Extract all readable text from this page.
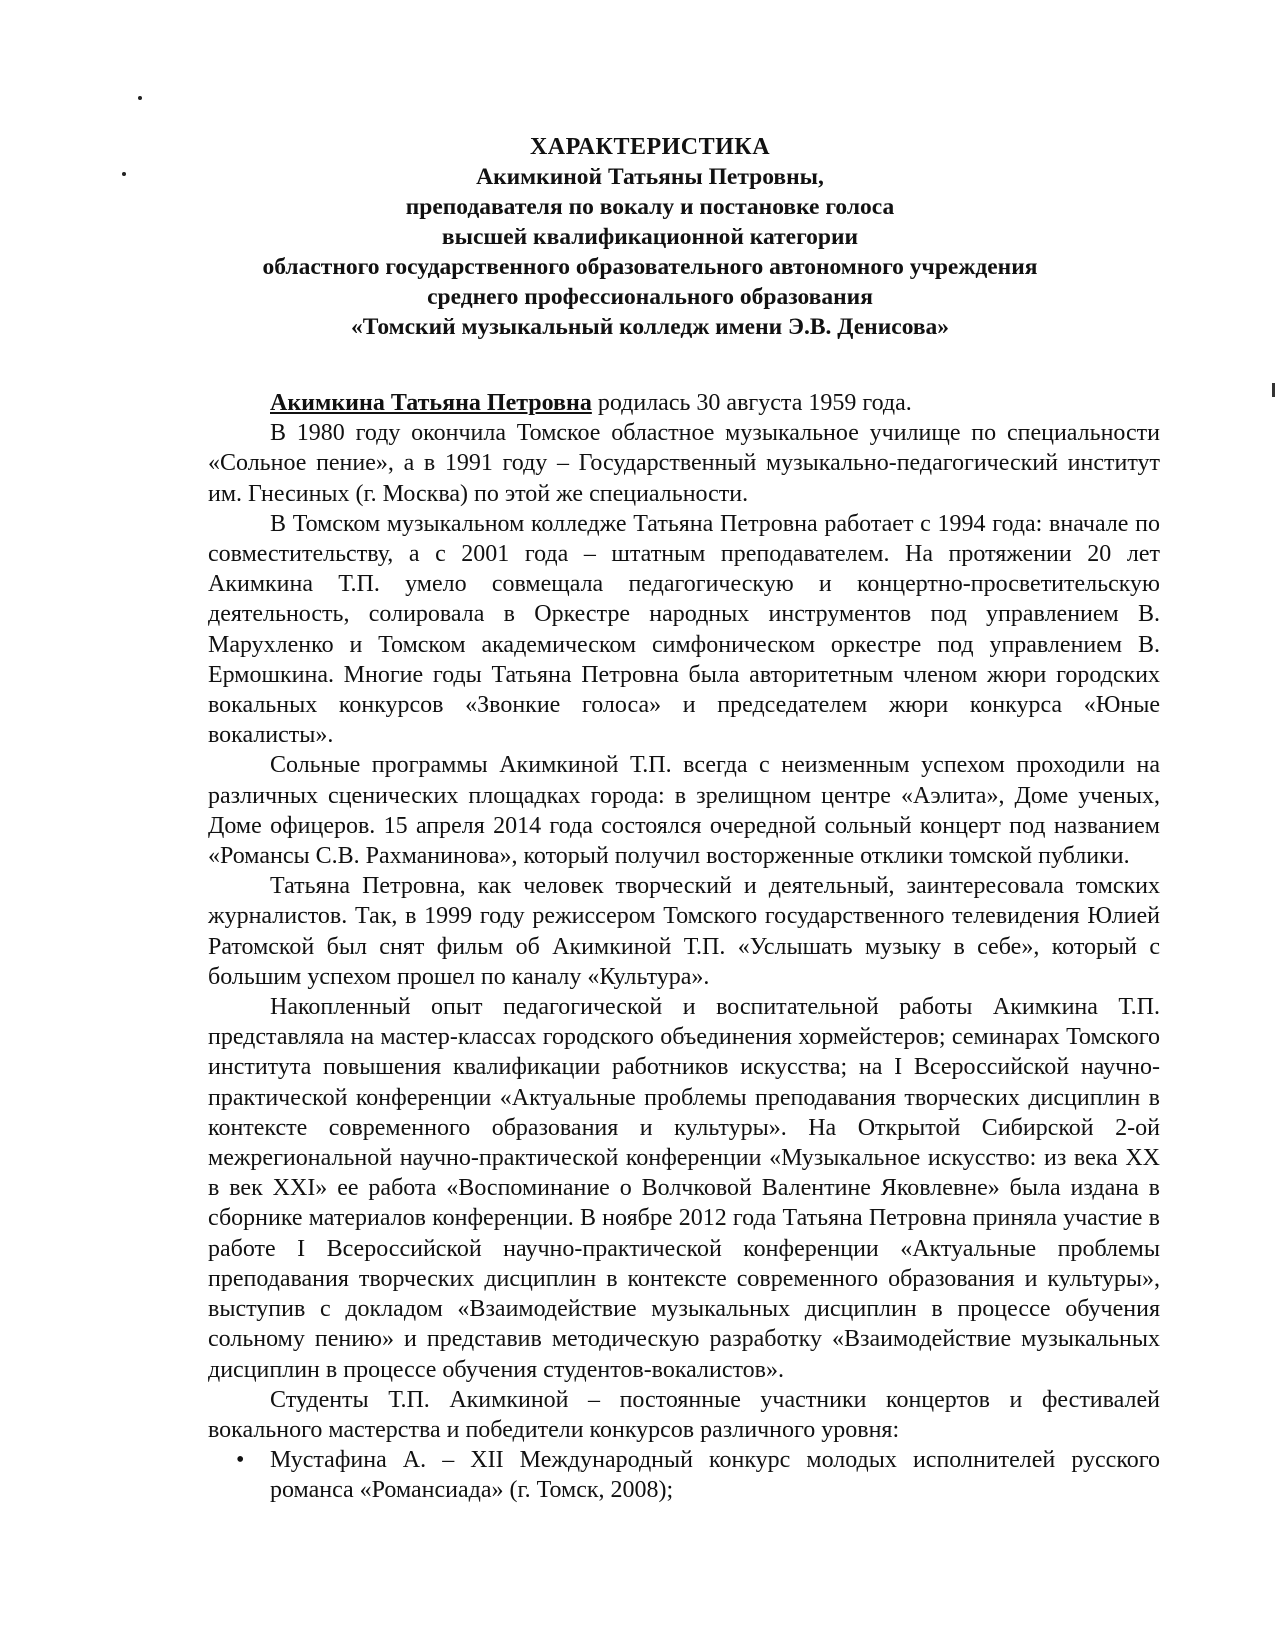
ХАРАКТЕРИСТИКА
Акимкиной Татьяны Петровны,
преподавателя по вокалу и постановке голоса
высшей квалификационной категории
областного государственного образовательного автономного учреждения
среднего профессионального образования
«Томский музыкальный колледж имени Э.В. Денисова»

Акимкина Татьяна Петровна родилась 30 августа 1959 года.

В 1980 году окончила Томское областное музыкальное училище по специальности «Сольное пение», а в 1991 году – Государственный музыкально-педагогический институт им. Гнесиных (г. Москва) по этой же специальности.

В Томском музыкальном колледже Татьяна Петровна работает с 1994 года: вначале по совместительству, а с 2001 года – штатным преподавателем. На протяжении 20 лет Акимкина Т.П. умело совмещала педагогическую и концертно-просветительскую деятельность, солировала в Оркестре народных инструментов под управлением В. Марухленко и Томском академическом симфоническом оркестре под управлением В. Ермошкина. Многие годы Татьяна Петровна была авторитетным членом жюри городских вокальных конкурсов «Звонкие голоса» и председателем жюри конкурса «Юные вокалисты».

Сольные программы Акимкиной Т.П. всегда с неизменным успехом проходили на различных сценических площадках города: в зрелищном центре «Аэлита», Доме ученых, Доме офицеров. 15 апреля 2014 года состоялся очередной сольный концерт под названием «Романсы С.В. Рахманинова», который получил восторженные отклики томской публики.

Татьяна Петровна, как человек творческий и деятельный, заинтересовала томских журналистов. Так, в 1999 году режиссером Томского государственного телевидения Юлией Ратомской был снят фильм об Акимкиной Т.П. «Услышать музыку в себе», который с большим успехом прошел по каналу «Культура».

Накопленный опыт педагогической и воспитательной работы Акимкина Т.П. представляла на мастер-классах городского объединения хормейстеров; семинарах Томского института повышения квалификации работников искусства; на I Всероссийской научно-практической конференции «Актуальные проблемы преподавания творческих дисциплин в контексте современного образования и культуры». На Открытой Сибирской 2-ой межрегиональной научно-практической конференции «Музыкальное искусство: из века XX в век XXI» ее работа «Воспоминание о Волчковой Валентине Яковлевне» была издана в сборнике материалов конференции. В ноябре 2012 года Татьяна Петровна приняла участие в работе I Всероссийской научно-практической конференции «Актуальные проблемы преподавания творческих дисциплин в контексте современного образования и культуры», выступив с докладом «Взаимодействие музыкальных дисциплин в процессе обучения сольному пению» и представив методическую разработку «Взаимодействие музыкальных дисциплин в процессе обучения студентов-вокалистов».

Студенты Т.П. Акимкиной – постоянные участники концертов и фестивалей вокального мастерства и победители конкурсов различного уровня:

• Мустафина А. – XII Международный конкурс молодых исполнителей русского романса «Романсиада» (г. Томск, 2008);
